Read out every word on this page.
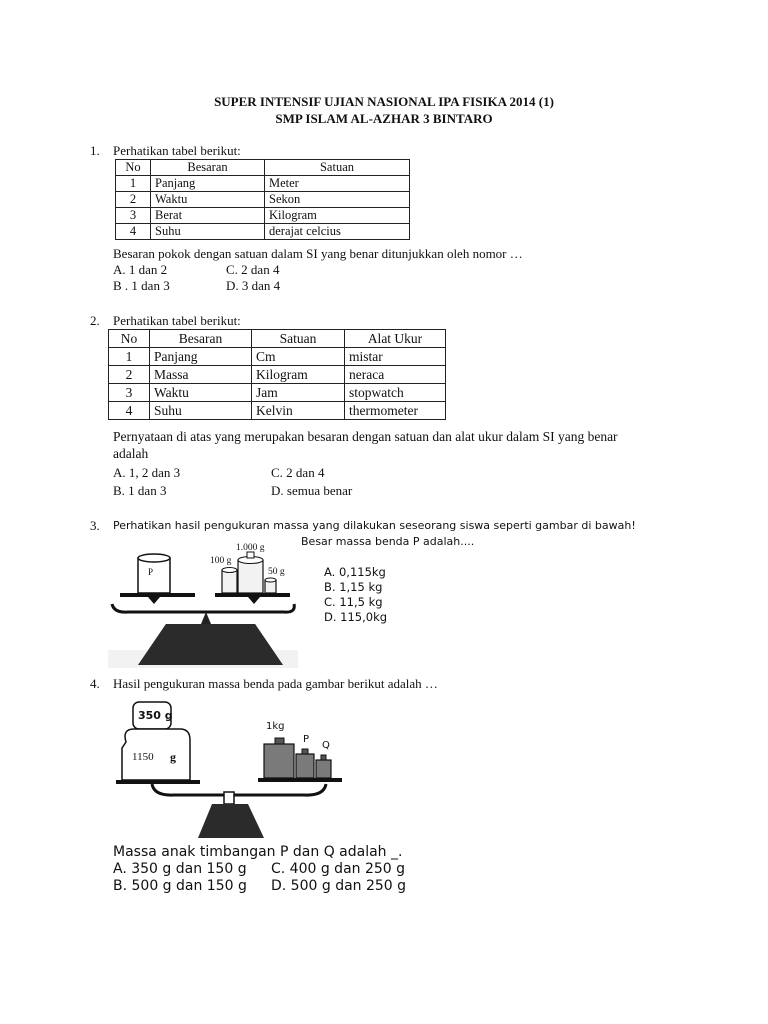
SUPER INTENSIF UJIAN NASIONAL IPA FISIKA 2014 (1)
SMP ISLAM AL-AZHAR 3 BINTARO
1. Perhatikan tabel berikut:
No	Besaran	Satuan
1	Panjang	Meter
2	Waktu	Sekon
3	Berat	Kilogram
4	Suhu	derajat celcius
Besaran pokok dengan satuan dalam SI yang benar ditunjukkan oleh nomor …
A. 1 dan 2	C. 2 dan 4
B . 1 dan 3	D. 3 dan 4
2. Perhatikan tabel berikut:
No	Besaran	Satuan	Alat Ukur
1	Panjang	Cm	mistar
2	Massa	Kilogram	neraca
3	Waktu	Jam	stopwatch
4	Suhu	Kelvin	thermometer
Pernyataan di atas yang merupakan besaran dengan satuan dan alat ukur dalam SI yang benar
adalah
A. 1, 2 dan 3	C. 2 dan 4
B. 1 dan 3	D. semua benar
3. Perhatikan hasil pengukuran massa yang dilakukan seseorang siswa seperti gambar di bawah!
Besar massa benda P adalah....
P
1.000 g
100 g
50 g	A. 0,115kg
B. 1,15 kg
C. 11,5 kg
D. 115,0kg
4. Hasil pengukuran massa benda pada gambar berikut adalah …
350 g
1150 g
1kg
P
Q
Massa anak timbangan P dan Q adalah _.
A. 350 g dan 150 g C. 400 g dan 250 g
B. 500 g dan 150 g D. 500 g dan 250 g
